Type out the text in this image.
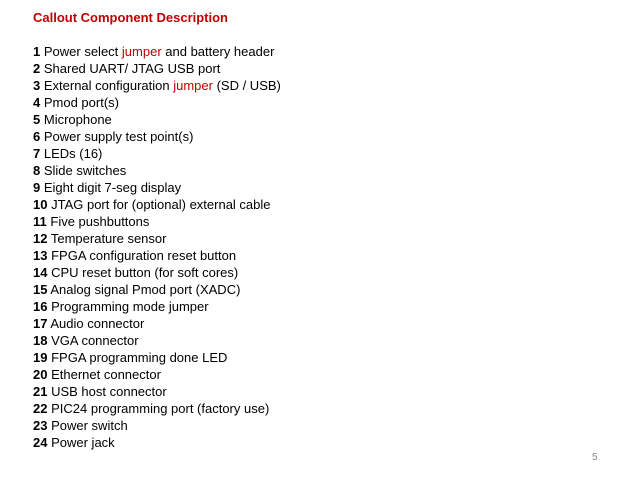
Callout Component Description
1 Power select jumper and battery header
2 Shared UART/ JTAG USB port
3 External configuration jumper (SD / USB)
4 Pmod port(s)
5 Microphone
6 Power supply test point(s)
7 LEDs (16)
8 Slide switches
9 Eight digit 7-seg display
10 JTAG port for (optional) external cable
11 Five pushbuttons
12 Temperature sensor
13 FPGA configuration reset button
14 CPU reset button (for soft cores)
15 Analog signal Pmod port (XADC)
16 Programming mode jumper
17 Audio connector
18 VGA connector
19 FPGA programming done LED
20 Ethernet connector
21 USB host connector
22 PIC24 programming port (factory use)
23 Power switch
24 Power jack
5
